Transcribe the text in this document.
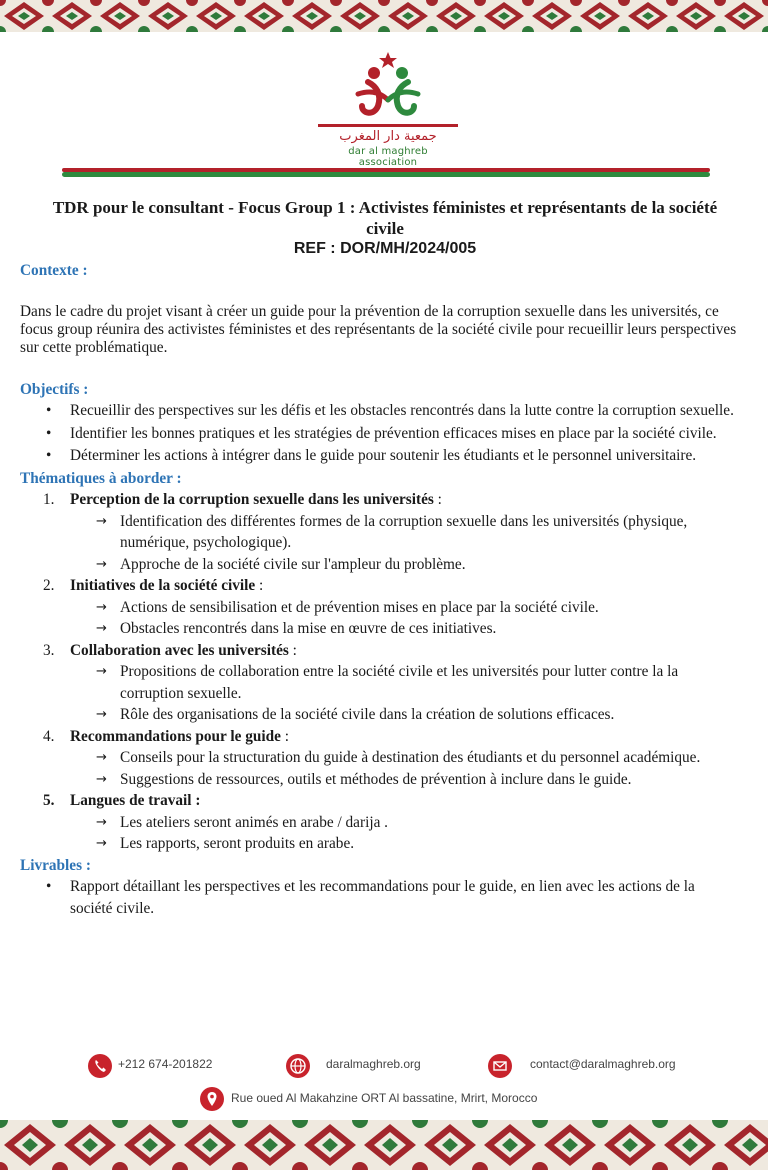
جمعية دار المغرب
dar al maghreb association
TDR pour le consultant - Focus Group 1 : Activistes féministes et représentants de la société civile
REF : DOR/MH/2024/005
Contexte :

Dans le cadre du projet visant à créer un guide pour la prévention de la corruption sexuelle dans les universités, ce focus group réunira des activistes féministes et des représentants de la société civile pour recueillir leurs perspectives sur cette problématique.

Objectifs :
• Recueillir des perspectives sur les défis et les obstacles rencontrés dans la lutte contre la corruption sexuelle.
• Identifier les bonnes pratiques et les stratégies de prévention efficaces mises en place par la société civile.
• Déterminer les actions à intégrer dans le guide pour soutenir les étudiants et le personnel universitaire.
Thématiques à aborder :
1. Perception de la corruption sexuelle dans les universités :
→ Identification des différentes formes de la corruption sexuelle dans les universités (physique, numérique, psychologique).
→ Approche de la société civile sur l'ampleur du problème.
2. Initiatives de la société civile :
→ Actions de sensibilisation et de prévention mises en place par la société civile.
→ Obstacles rencontrés dans la mise en œuvre de ces initiatives.
3. Collaboration avec les universités :
→ Propositions de collaboration entre la société civile et les universités pour lutter contre la la corruption sexuelle.
→ Rôle des organisations de la société civile dans la création de solutions efficaces.
4. Recommandations pour le guide :
→ Conseils pour la structuration du guide à destination des étudiants et du personnel académique.
→ Suggestions de ressources, outils et méthodes de prévention à inclure dans le guide.
5. Langues de travail :
→ Les ateliers seront animés en arabe / darija .
→ Les rapports, seront produits en arabe.
Livrables :
• Rapport détaillant les perspectives et les recommandations pour le guide, en lien avec les actions de la société civile.
+212 674-201822	daralmaghreb.org	contact@daralmaghreb.org
Rue oued Al Makahzine ORT Al bassatine, Mrirt, Morocco
